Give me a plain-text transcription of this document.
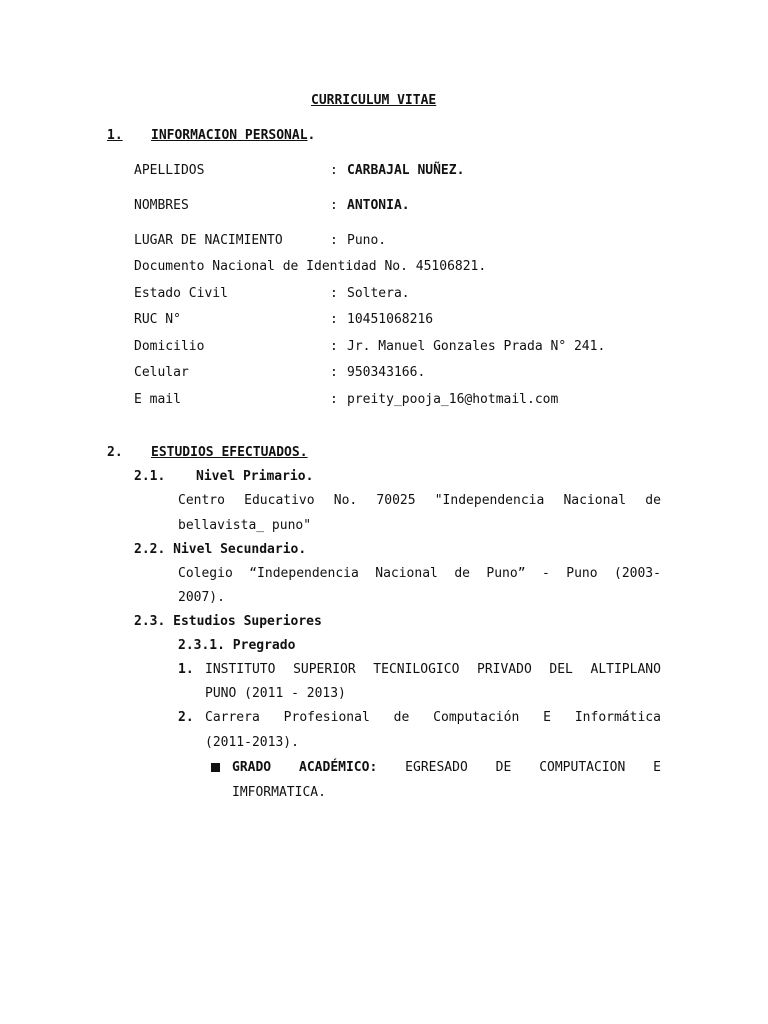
CURRICULUM VITAE
1. INFORMACION PERSONAL.
APELLIDOS	: CARBAJAL NUÑEZ.
NOMBRES	: ANTONIA.
LUGAR DE NACIMIENTO	: Puno.
Documento Nacional de Identidad No. 45106821.
Estado Civil	: Soltera.
RUC N°	: 10451068216
Domicilio	: Jr. Manuel Gonzales Prada N° 241.
Celular	: 950343166.
E mail	: preity_pooja_16@hotmail.com
2. ESTUDIOS EFECTUADOS.
2.1. Nivel Primario.
Centro Educativo No. 70025 "Independencia Nacional de
bellavista_ puno"
2.2. Nivel Secundario.
Colegio “Independencia Nacional de Puno” - Puno (2003-
2007).
2.3. Estudios Superiores
2.3.1. Pregrado
1. INSTITUTO SUPERIOR TECNILOGICO PRIVADO DEL ALTIPLANO
PUNO (2011 - 2013)
2. Carrera Profesional de Computación E Informática
(2011-2013).
GRADO ACADÉMICO: EGRESADO DE COMPUTACION E
IMFORMATICA.
